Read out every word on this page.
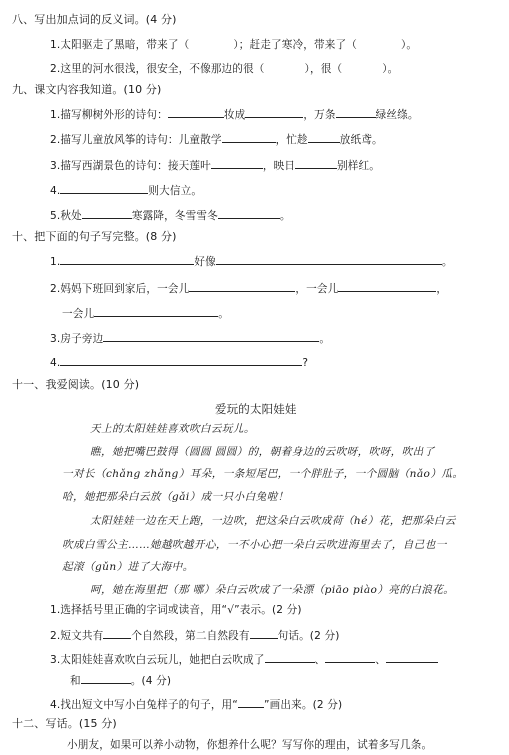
八、写出加点词的反义词。(4 分)
1.太阳驱走了黑暗，带来了（	）；赶走了寒冷，带来了（	）。
2.这里的河水很浅，很安全，不像那边的很（	），很（	）。
九、课文内容我知道。(10 分)
1.描写柳树外形的诗句：	妆成	，万条	绿丝绦。
2.描写儿童放风筝的诗句：儿童散学	，忙趁	放纸鸢。
3.描写西湖景色的诗句：接天莲叶	，映日	别样红。
4.	则大信立。
5.秋处	寒露降，冬雪雪冬	。
十、把下面的句子写完整。(8 分)
1.	好像	。
2.妈妈下班回到家后，一会儿	，一会儿	，
一会儿	。
3.房子旁边	。
4.	?
十一、我爱阅读。(10 分)
爱玩的太阳娃娃
天上的太阳娃娃喜欢吹白云玩儿。
瞧，她把嘴巴鼓得（圆圆 圆圆）的，朝着身边的云吹呀，吹呀，吹出了
一对长（chǎng zhǎng）耳朵，一条短尾巴，一个胖肚子，一个圆脑（nǎo）瓜。
哈，她把那朵白云放（gǎi）成一只小白兔啦！
太阳娃娃一边在天上跑，一边吹，把这朵白云吹成荷（hé）花，把那朵白云
吹成白雪公主……她越吹越开心，一不小心把一朵白云吹进海里去了，自己也一
起滚（gǔn）进了大海中。
呵，她在海里把（那 哪）朵白云吹成了一朵漂（piāo piào）亮的白浪花。
1.选择括号里正确的字词或读音，用“√”表示。(2 分)
2.短文共有	个自然段，第二自然段有	句话。(2 分)
3.太阳娃娃喜欢吹白云玩儿，她把白云吹成了	、	、
和	。(4 分)
4.找出短文中写小白兔样子的句子，用“ ”画出来。(2 分)
十二、写话。(15 分)
小朋友，如果可以养小动物，你想养什么呢？写写你的理由，试着多写几条。
